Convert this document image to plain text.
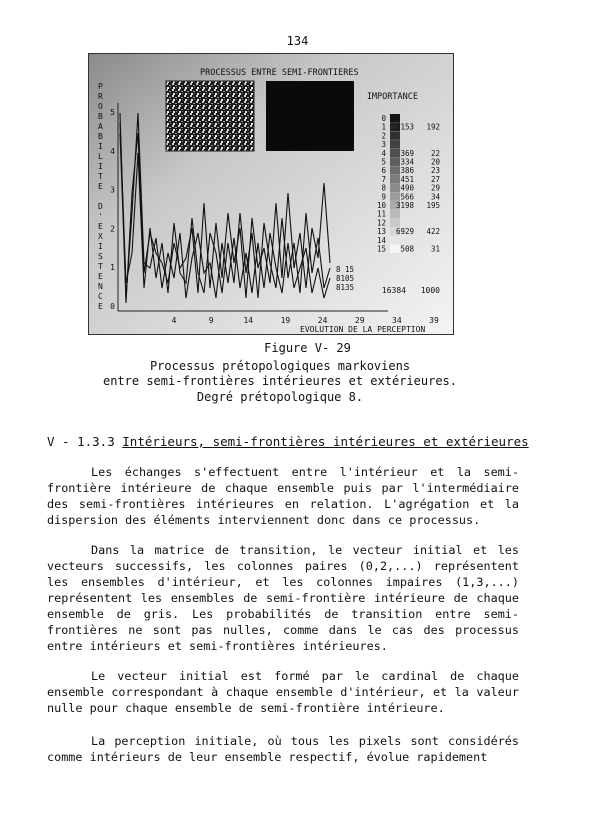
134
PROCESSUS ENTRE SEMI-FRONTIERES
P R O B A B I L I T E D ' E X I S T E N C E
5
4
3
2
1
0
4	9	14	19	24	29	34	39
EVOLUTION DE LA PERCEPTION
8 15
8105
8135
IMPORTANCE
0
1 3153 192
2
3
4 369 22
5 334 20
6 386 23
7 451 27
8 490 29
9 566 34
10 3198 195
11
12
13 6929 422
14
15 508 31
16384 1000
Figure V- 29
Processus prétopologiques markoviens
entre semi-frontières intérieures et extérieures.
Degré prétopologique 8.
V - 1.3.3 Intérieurs, semi-frontières intérieures et extérieures

Les échanges s'effectuent entre l'intérieur et la semi-frontière intérieure de chaque ensemble puis par l'intermédiaire des semi-frontières intérieures en relation. L'agrégation et la dispersion des éléments interviennent donc dans ce processus.

Dans la matrice de transition, le vecteur initial et les vecteurs successifs, les colonnes paires (0,2,...) représentent les ensembles d'intérieur, et les colonnes impaires (1,3,...) représentent les ensembles de semi-frontière intérieure de chaque ensemble de gris. Les probabilités de transition entre semi-frontières ne sont pas nulles, comme dans le cas des processus entre intérieurs et semi-frontières intérieures.

Le vecteur initial est formé par le cardinal de chaque ensemble correspondant à chaque ensemble d'intérieur, et la valeur nulle pour chaque ensemble de semi-frontière intérieure.

La perception initiale, où tous les pixels sont considérés comme intérieurs de leur ensemble respectif, évolue rapidement
